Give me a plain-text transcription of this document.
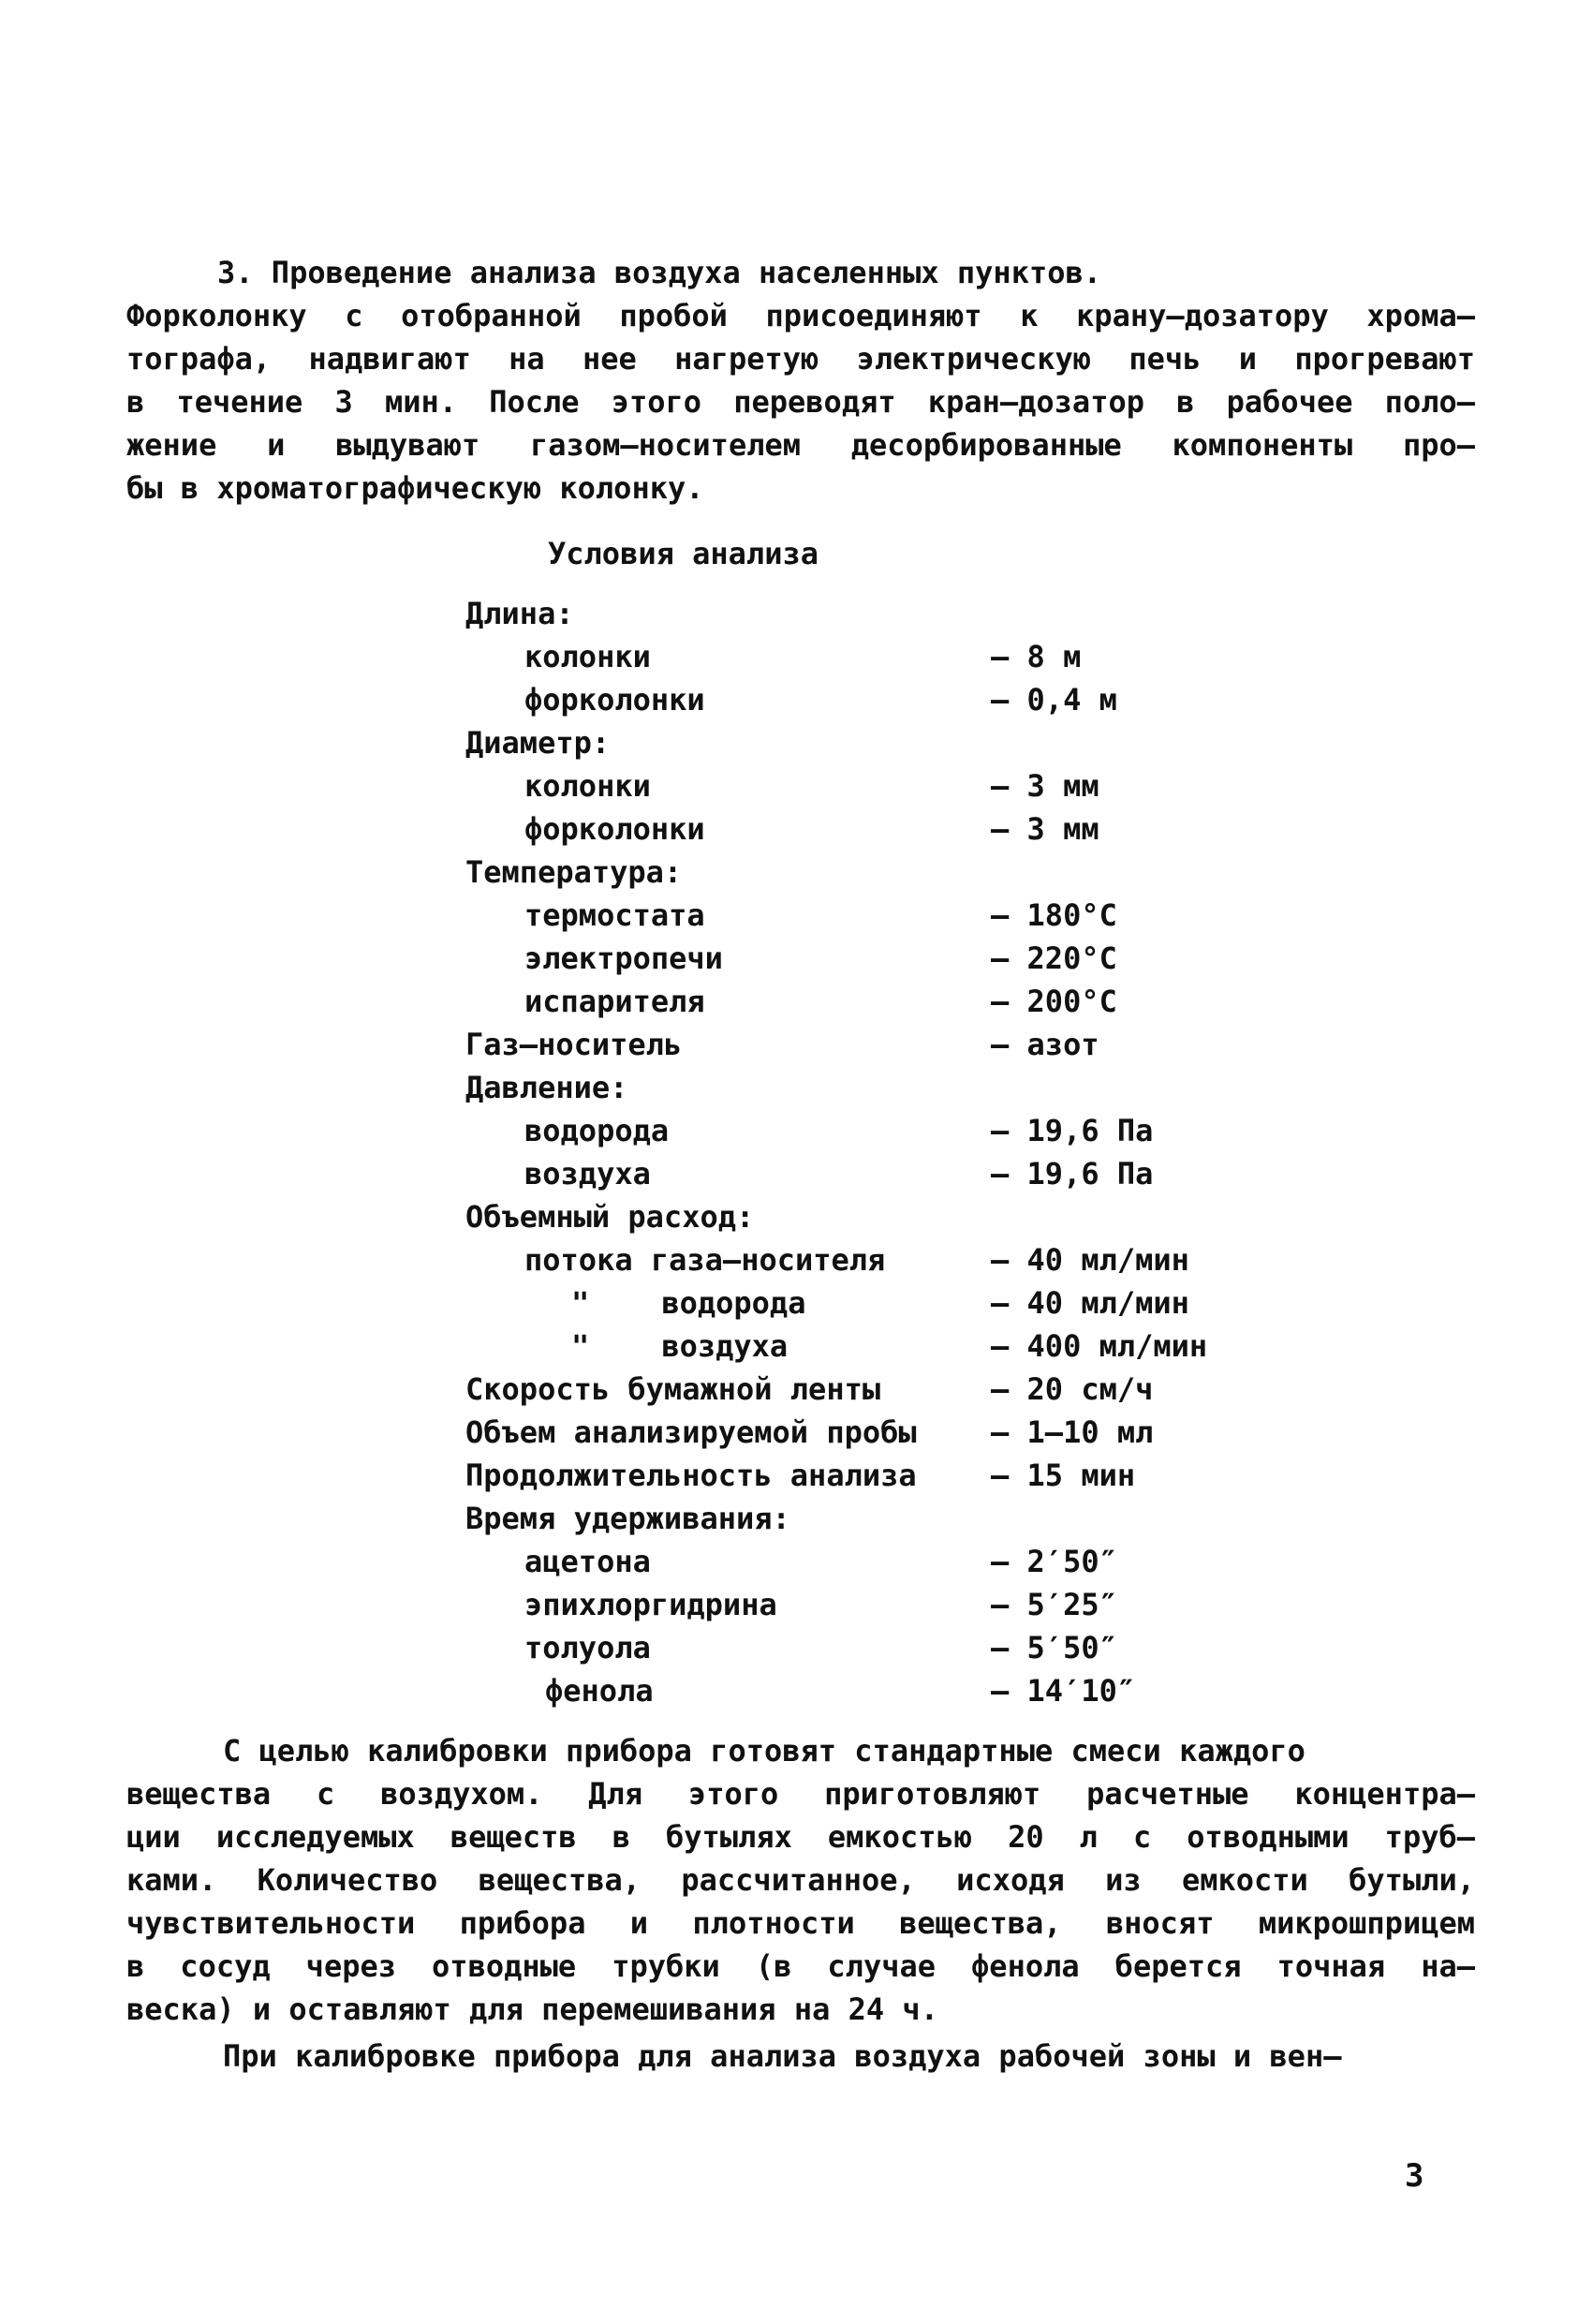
3. Проведение анализа воздуха населенных пунктов.
Форколонку с отобранной пробой присоединяют к крану–дозатору хрома–
тографа, надвигают на нее нагретую электрическую печь и прогревают
в течение 3 мин. После этого переводят кран–дозатор в рабочее поло–
жение и выдувают газом–носителем десорбированные компоненты про–
бы в хроматографическую колонку.
Условия анализа
Длина:
колонки	– 8 м
форколонки	– 0,4 м
Диаметр:
колонки	– 3 мм
форколонки	– 3 мм
Температура:
термостата	– 180°С
электропечи	– 220°С
испарителя	– 200°С
Газ–носитель	– азот
Давление:
водорода	– 19,6 Па
воздуха	– 19,6 Па
Объемный расход:
потока газа–носителя	– 40 мл/мин
"    водорода	– 40 мл/мин
"    воздуха	– 400 мл/мин
Скорость бумажной ленты	– 20 см/ч
Объем анализируемой пробы – 1–10 мл
Продолжительность анализа – 15 мин
Время удерживания:
ацетона	– 2′50″
эпихлоргидрина	– 5′25″
толуола	– 5′50″
фенола	– 14′10″
С целью калибровки прибора готовят стандартные смеси каждого
вещества с воздухом. Для этого приготовляют расчетные концентра–
ции исследуемых веществ в бутылях емкостью 20 л с отводными труб–
ками. Количество вещества, рассчитанное, исходя из емкости бутыли,
чувствительности прибора и плотности вещества, вносят микрошприцем
в сосуд через отводные трубки (в случае фенола берется точная на–
веска) и оставляют для перемешивания на 24 ч.
При калибровке прибора для анализа воздуха рабочей зоны и вен–
3
